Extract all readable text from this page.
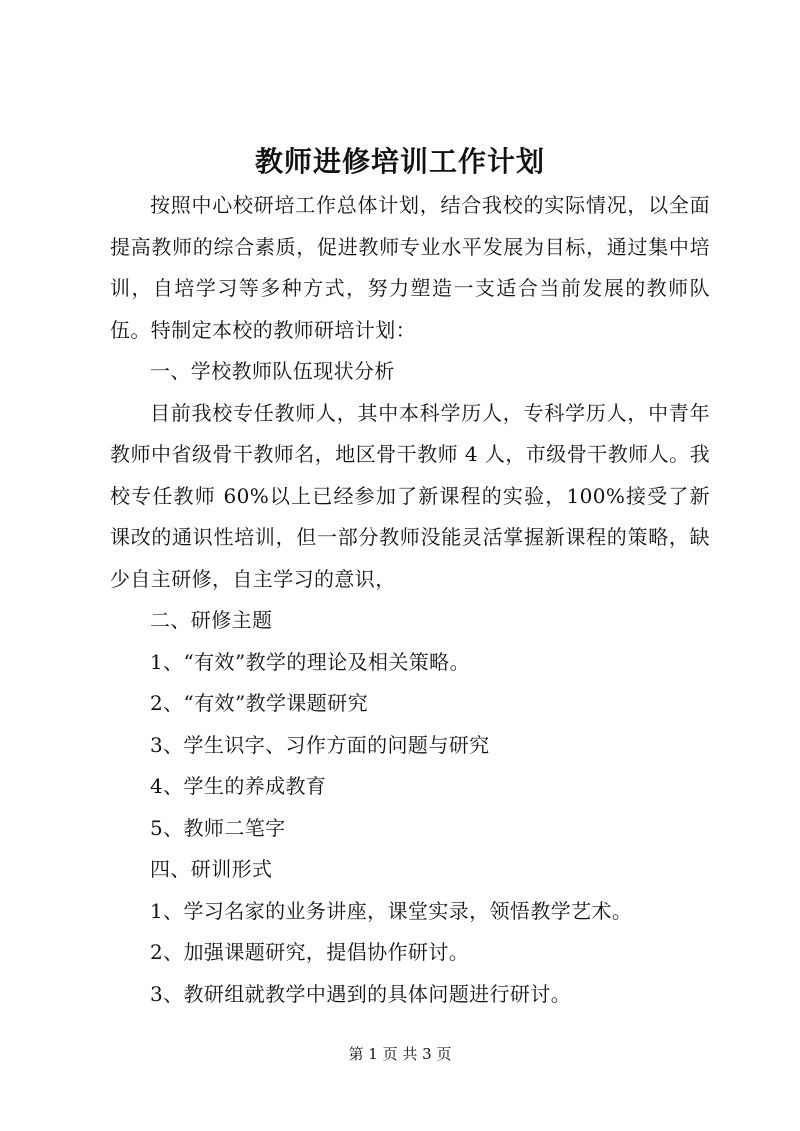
教师进修培训工作计划

按照中心校研培工作总体计划，结合我校的实际情况，以全面提高教师的综合素质，促进教师专业水平发展为目标，通过集中培训，自培学习等多种方式，努力塑造一支适合当前发展的教师队伍。特制定本校的教师研培计划：

一、学校教师队伍现状分析

目前我校专任教师人，其中本科学历人，专科学历人，中青年教师中省级骨干教师名，地区骨干教师 4 人，市级骨干教师人。我校专任教师 60%以上已经参加了新课程的实验，100%接受了新课改的通识性培训，但一部分教师没能灵活掌握新课程的策略，缺少自主研修，自主学习的意识，

二、研修主题

1、“有效”教学的理论及相关策略。

2、“有效”教学课题研究

3、学生识字、习作方面的问题与研究

4、学生的养成教育

5、教师二笔字

四、研训形式

1、学习名家的业务讲座，课堂实录，领悟教学艺术。

2、加强课题研究，提倡协作研讨。

3、教研组就教学中遇到的具体问题进行研讨。

第 1 页 共 3 页
